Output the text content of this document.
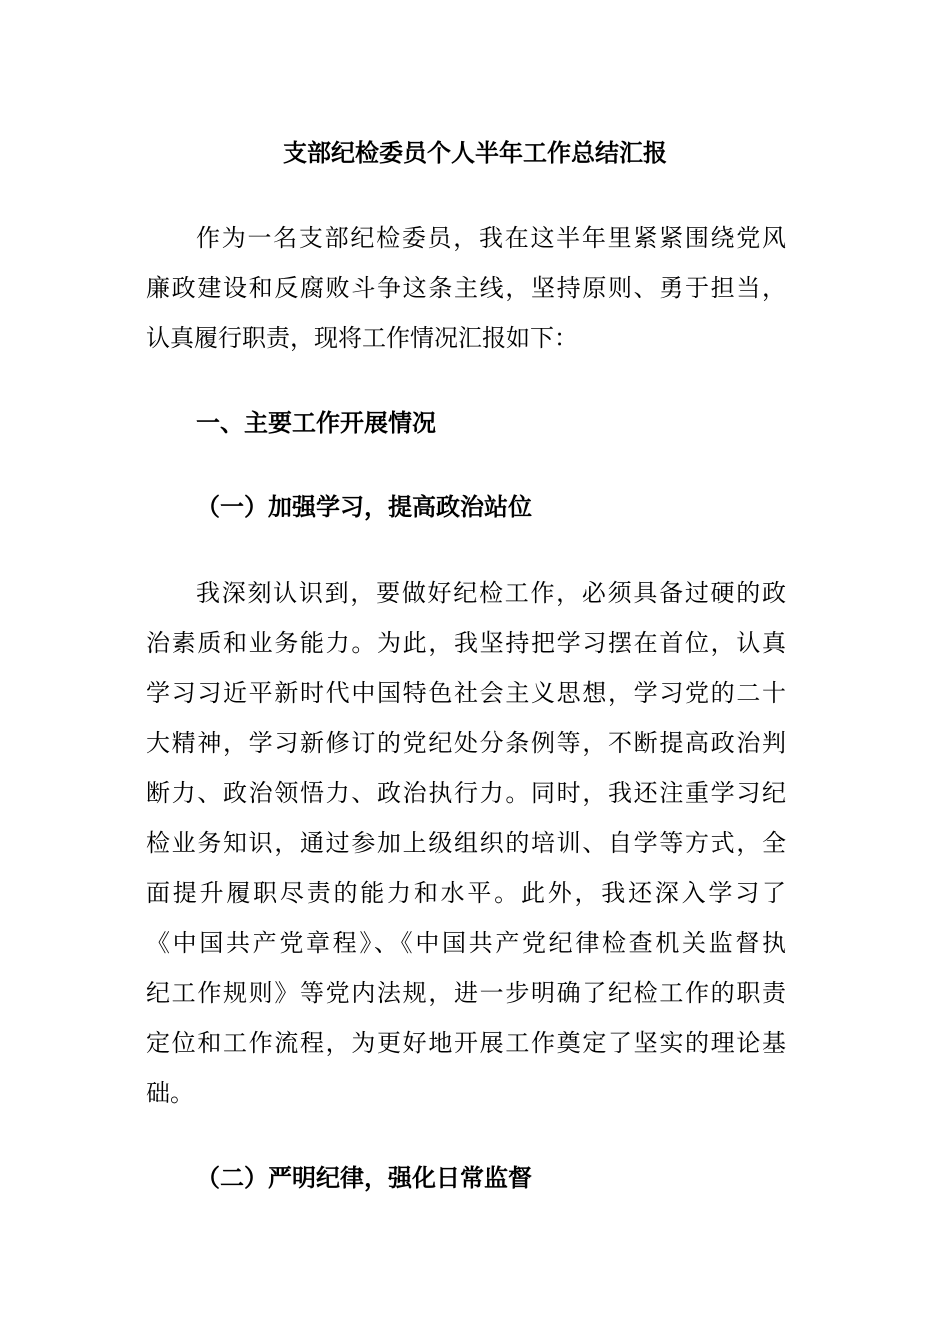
支部纪检委员个人半年工作总结汇报

作为一名支部纪检委员，我在这半年里紧紧围绕党风

廉政建设和反腐败斗争这条主线，坚持原则、勇于担当，

认真履行职责，现将工作情况汇报如下：

一、主要工作开展情况

（一）加强学习，提高政治站位

我深刻认识到，要做好纪检工作，必须具备过硬的政

治素质和业务能力。为此，我坚持把学习摆在首位，认真

学习习近平新时代中国特色社会主义思想，学习党的二十

大精神，学习新修订的党纪处分条例等，不断提高政治判

断力、政治领悟力、政治执行力。同时，我还注重学习纪

检业务知识，通过参加上级组织的培训、自学等方式，全

面提升履职尽责的能力和水平。此外，我还深入学习了

《中国共产党章程》、《中国共产党纪律检查机关监督执

纪工作规则》等党内法规，进一步明确了纪检工作的职责

定位和工作流程，为更好地开展工作奠定了坚实的理论基

础。

（二）严明纪律，强化日常监督
